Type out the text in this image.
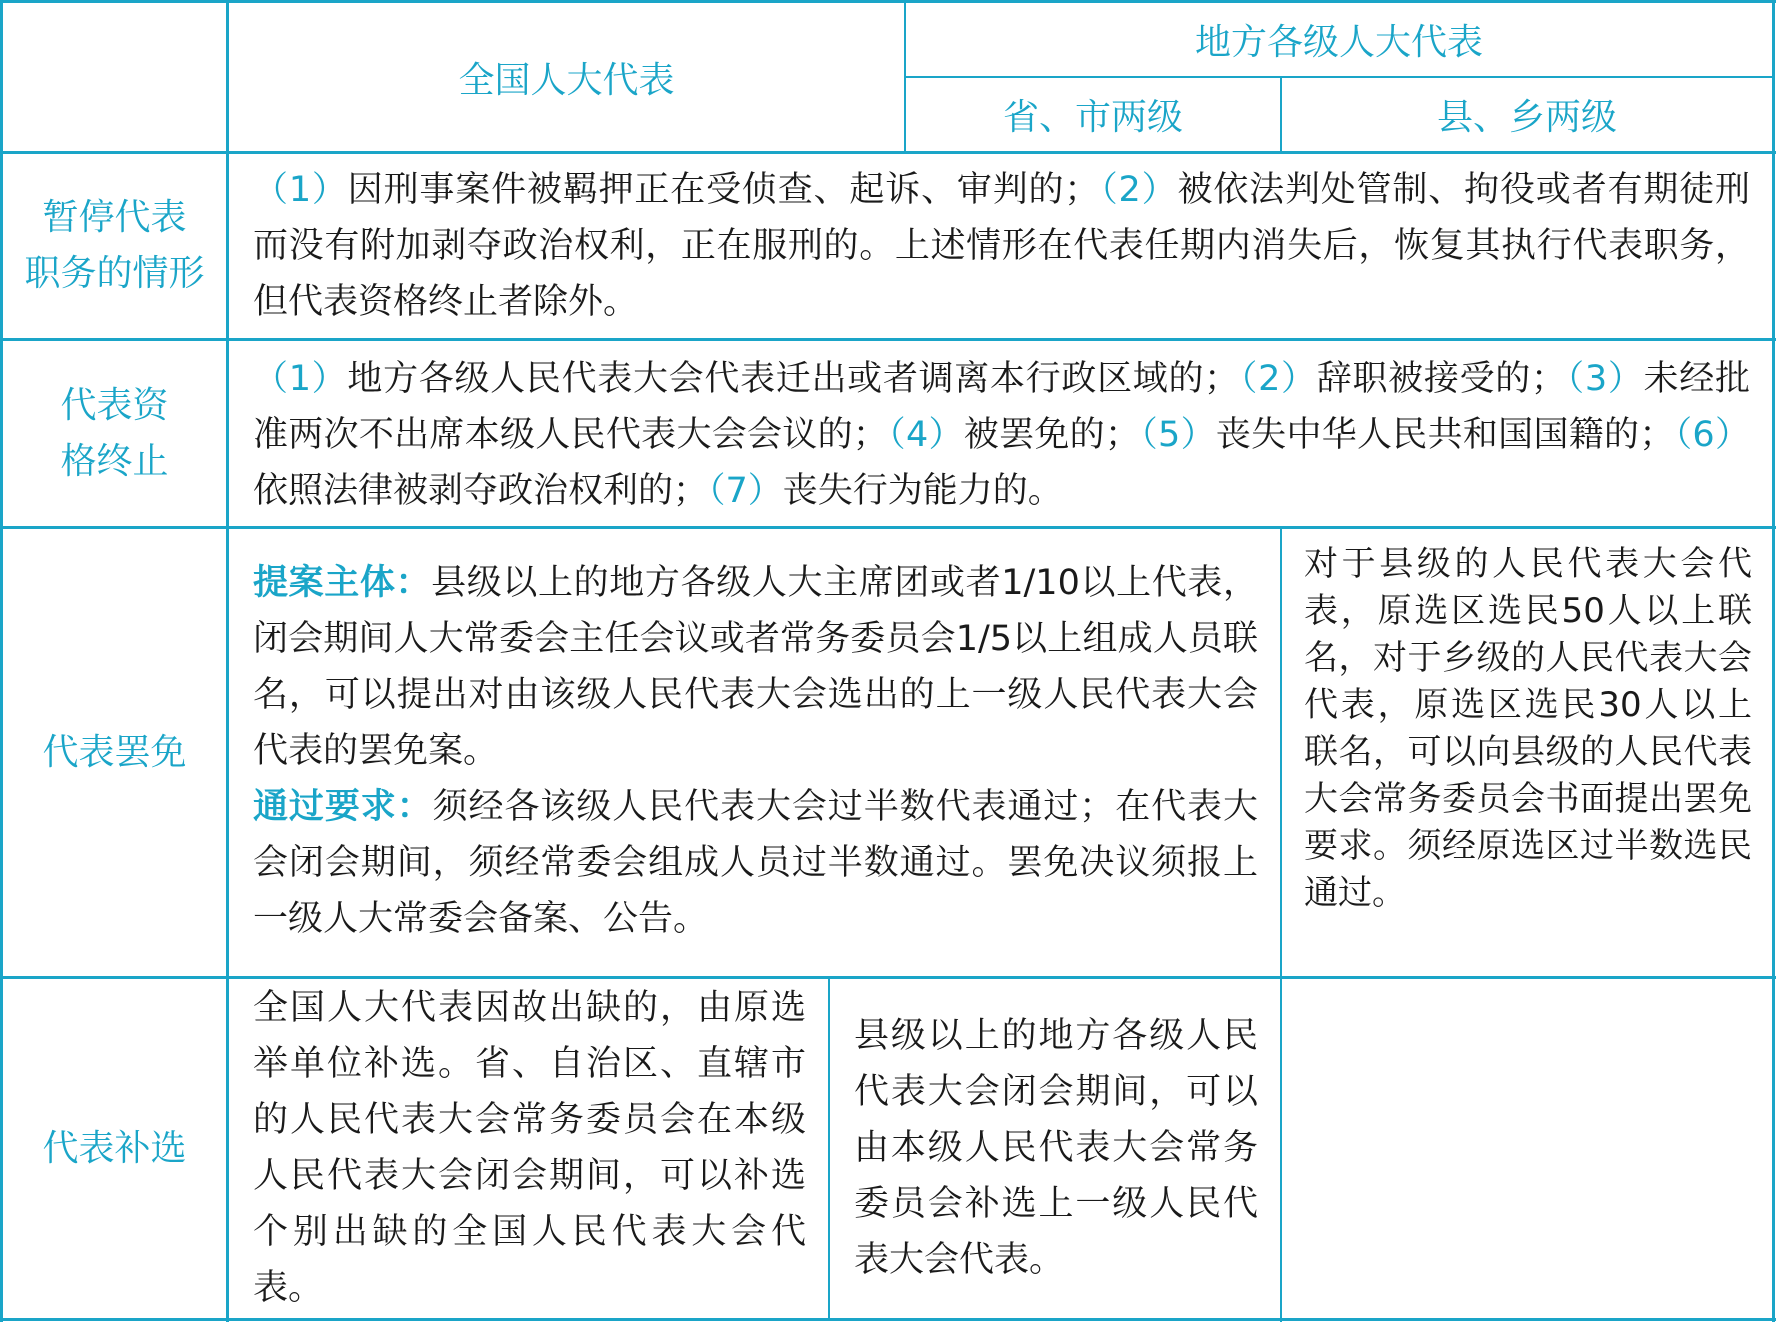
全国人大代表
地方各级人大代表
省、市两级	县、乡两级
暂停代表
职务的情形
（1）因刑事案件被羁押正在受侦查、起诉、审判的；（2）被依法判处管制、拘役或者有期徒刑而没有附加剥夺政治权利，正在服刑的。上述情形在代表任期内消失后，恢复其执行代表职务，但代表资格终止者除外。
代表资
格终止
（1）地方各级人民代表大会代表迁出或者调离本行政区域的；（2）辞职被接受的；（3）未经批准两次不出席本级人民代表大会会议的；（4）被罢免的；（5）丧失中华人民共和国国籍的；（6）依照法律被剥夺政治权利的；（7）丧失行为能力的。
代表罢免
提案主体：县级以上的地方各级人大主席团或者1/10以上代表，闭会期间人大常委会主任会议或者常务委员会1/5以上组成人员联名，可以提出对由该级人民代表大会选出的上一级人民代表大会代表的罢免案。
通过要求：须经各该级人民代表大会过半数代表通过；在代表大会闭会期间，须经常委会组成人员过半数通过。罢免决议须报上一级人大常委会备案、公告。
对于县级的人民代表大会代表，原选区选民50人以上联名，对于乡级的人民代表大会代表，原选区选民30人以上联名，可以向县级的人民代表大会常务委员会书面提出罢免要求。须经原选区过半数选民通过。
代表补选
全国人大代表因故出缺的，由原选举单位补选。省、自治区、直辖市的人民代表大会常务委员会在本级人民代表大会闭会期间，可以补选个别出缺的全国人民代表大会代表。
县级以上的地方各级人民代表大会闭会期间，可以由本级人民代表大会常务委员会补选上一级人民代表大会代表。
